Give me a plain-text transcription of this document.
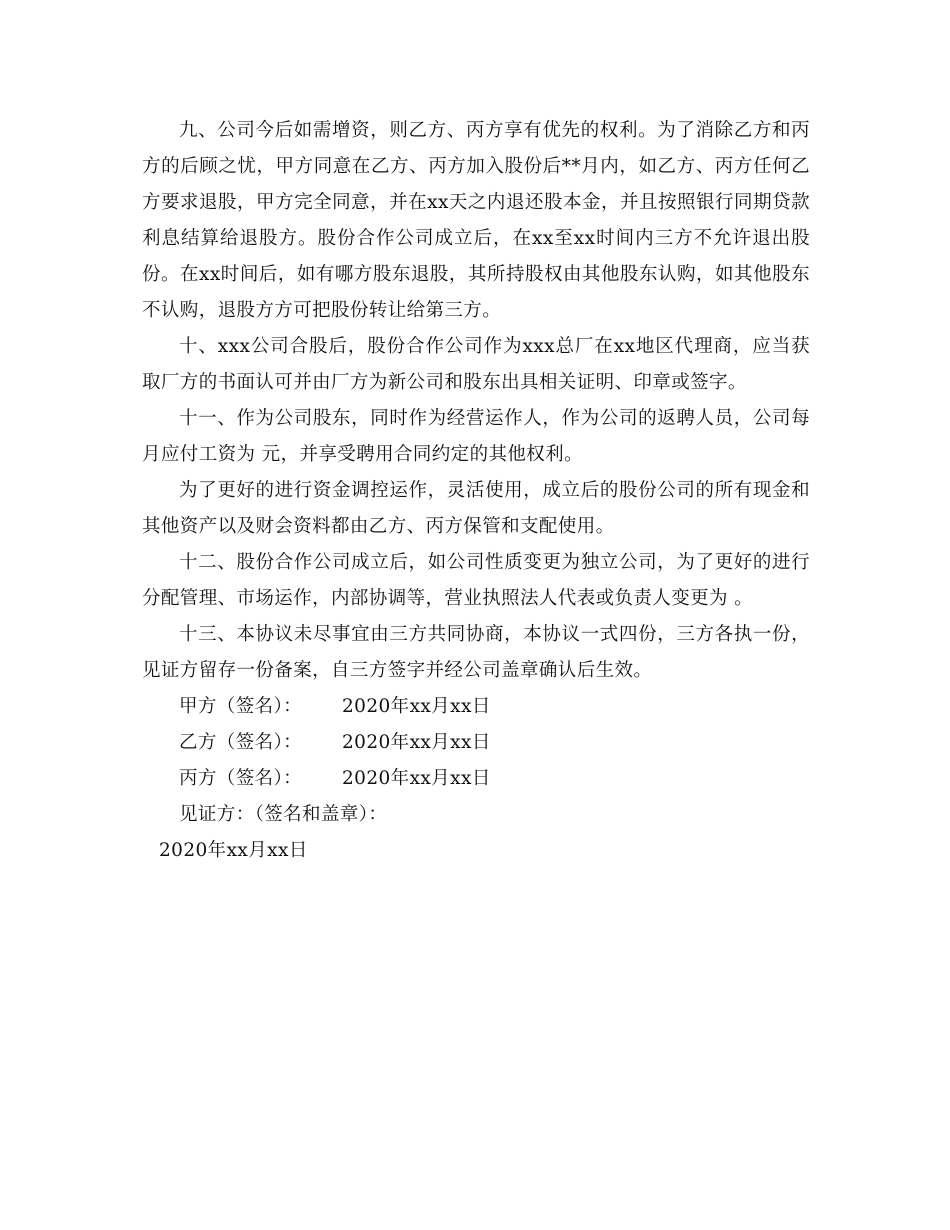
九、公司今后如需增资，则乙方、丙方享有优先的权利。为了消除乙方和丙方的后顾之忧，甲方同意在乙方、丙方加入股份后**月内，如乙方、丙方任何乙方要求退股，甲方完全同意，并在xx天之内退还股本金，并且按照银行同期贷款利息结算给退股方。股份合作公司成立后，在xx至xx时间内三方不允许退出股份。在xx时间后，如有哪方股东退股，其所持股权由其他股东认购，如其他股东不认购，退股方方可把股份转让给第三方。

十、xxx公司合股后，股份合作公司作为xxx总厂在xx地区代理商，应当获取厂方的书面认可并由厂方为新公司和股东出具相关证明、印章或签字。

十一、作为公司股东，同时作为经营运作人，作为公司的返聘人员，公司每月应付工资为 元，并享受聘用合同约定的其他权利。

为了更好的进行资金调控运作，灵活使用，成立后的股份公司的所有现金和其他资产以及财会资料都由乙方、丙方保管和支配使用。

十二、股份合作公司成立后，如公司性质变更为独立公司，为了更好的进行分配管理、市场运作，内部协调等，营业执照法人代表或负责人变更为 。

十三、本协议未尽事宜由三方共同协商，本协议一式四份，三方各执一份，见证方留存一份备案，自三方签字并经公司盖章确认后生效。

甲方（签名）： 2020年xx月xx日
乙方（签名）： 2020年xx月xx日
丙方（签名）： 2020年xx月xx日

见证方：（签名和盖章）：

2020年xx月xx日
